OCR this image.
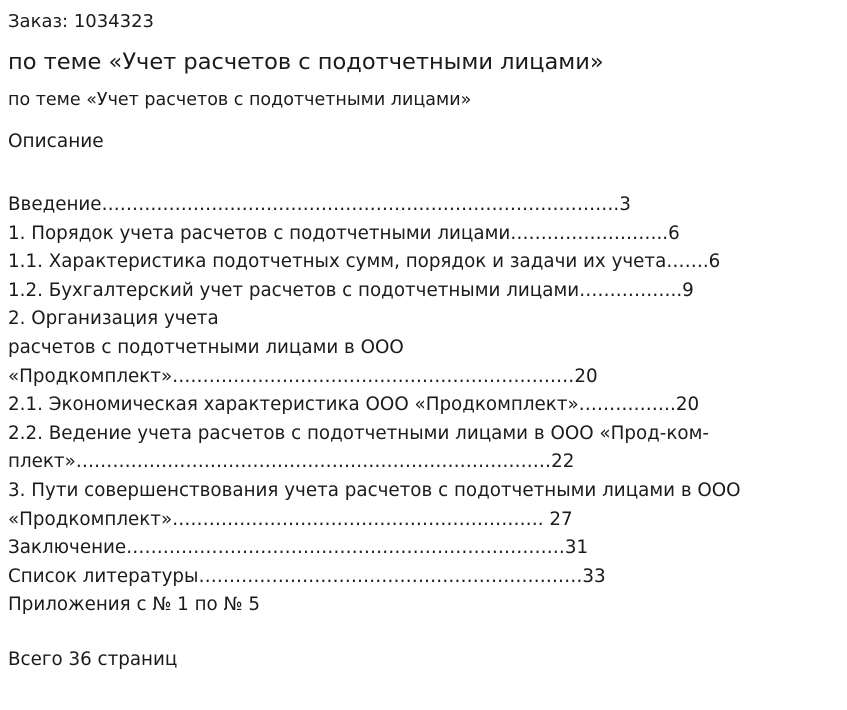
Заказ: 1034323
по теме «Учет расчетов с подотчетными лицами»
по теме «Учет расчетов с подотчетными лицами»
Описание
Введение………………………………………………………………………….3
1. Порядок учета расчетов с подотчетными лицами……………………..6
1.1. Характеристика подотчетных сумм, порядок и задачи их учета…….6
1.2. Бухгалтерский учет расчетов с подотчетными лицами……………..9
2. Организация учета
расчетов с подотчетными лицами в ООО
«Продкомплект»…………………………………………………………20
2.1. Экономическая характеристика ООО «Продкомплект»…………….20
2.2. Ведение учета расчетов с подотчетными лицами в ООО «Прод-ком-
плект»……………………………………………………………………22
3. Пути совершенствования учета расчетов с подотчетными лицами в ООО
«Продкомплект»……………………………………………………. 27
Заключение………………………………………………………………31
Список литературы………………………………………………………33
Приложения с № 1 по № 5
Всего 36 страниц
